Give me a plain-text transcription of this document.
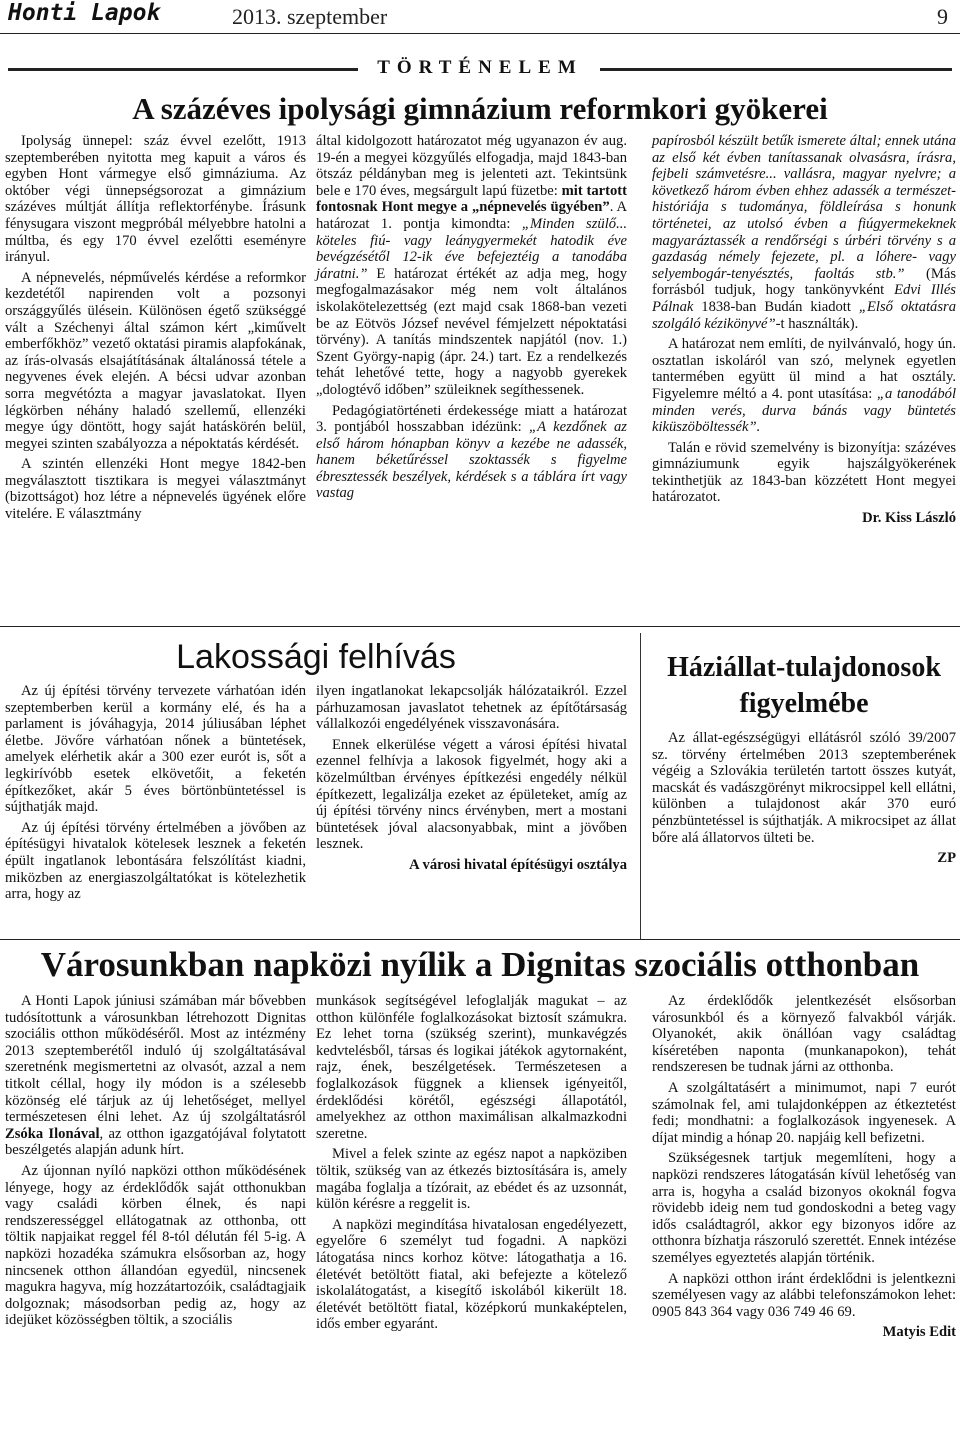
Honti Lapok	2013. szeptember	9
TÖRTÉNELEM
A százéves ipolysági gimnázium reformkori gyökerei

Ipolyság ünnepel: száz évvel ezelőtt, 1913 szeptemberében nyitotta meg kapuit a város és egyben Hont vármegye első gimnáziuma. Az október végi ünnepségsorozat a gimnázium százéves múltját állítja reflektorfénybe. Írásunk fénysugara viszont megpróbál mélyebbre hatolni a múltba, és egy 170 évvel ezelőtti eseményre irányul.

A népnevelés, népművelés kérdése a reformkor kezdetétől napirenden volt a pozsonyi országgyűlés ülésein. Különösen égető szükséggé vált a Széchenyi által számon kért „kiművelt emberfőkhöz” vezető oktatási piramis alapfokának, az írás-olvasás elsajátításának általánossá tétele a negyvenes évek elején. A bécsi udvar azonban sorra megvétózta a magyar javaslatokat. Ilyen légkörben néhány haladó szellemű, ellenzéki megye úgy döntött, hogy saját hatáskörén belül, megyei szinten szabályozza a népoktatás kérdését.

A szintén ellenzéki Hont megye 1842-ben megválasztott tisztikara is megyei választmányt (bizottságot) hoz létre a népnevelés ügyének előre vitelére. E választmány

által kidolgozott határozatot még ugyanazon év aug. 19-én a megyei közgyűlés elfogadja, majd 1843-ban ötszáz példányban meg is jelenteti azt. Tekintsünk bele e 170 éves, megsárgult lapú füzetbe: mit tartott fontosnak Hont megye a „népnevelés ügyében”. A határozat 1. pontja kimondta: „Minden szülő... köteles fiú- vagy leánygyermekét hatodik éve bevégzésétől 12-ik éve befejeztéig a tanodába járatni.” E határozat értékét az adja meg, hogy megfogalmazásakor még nem volt általános iskolakötelezettség (ezt majd csak 1868-ban vezeti be az Eötvös József nevével fémjelzett népoktatási törvény). A tanítás mindszentek napjától (nov. 1.) Szent György-napig (ápr. 24.) tart. Ez a rendelkezés tehát lehetővé tette, hogy a nagyobb gyerekek „dologtévő időben” szüleiknek segíthessenek.

Pedagógiatörténeti érdekessége miatt a határozat 3. pontjából hosszabban idézünk: „A kezdőnek az első három hónapban könyv a kezébe ne adassék, hanem béketűréssel szoktassék s figyelme ébresztessék beszélyek, kérdések s a táblára írt vagy vastag

papírosból készült betűk ismerete által; ennek utána az első két évben tanítassanak olvasásra, írásra, fejbeli számvetésre... vallásra, magyar nyelvre; a következő három évben ehhez adassék a természet-históriája s tudománya, földleírása s honunk történetei, az utolsó évben a fiúgyermekeknek magyaráztassék a rendőrségi s úrbéri törvény s a gazdaság némely fejezete, pl. a lóhere- vagy selyembogár-tenyésztés, faoltás stb.” (Más forrásból tudjuk, hogy tankönyvként Edvi Illés Pálnak 1838-ban Budán kiadott „Első oktatásra szolgáló kézikönyvé”-t használták).

A határozat nem említi, de nyilvánvaló, hogy ún. osztatlan iskoláról van szó, melynek egyetlen tantermében együtt ül mind a hat osztály. Figyelemre méltó a 4. pont utasítása: „a tanodából minden verés, durva bánás vagy büntetés kiküszöböltessék”.

Talán e rövid szemelvény is bizonyítja: százéves gimnáziumunk egyik hajszálgyökerének tekinthetjük az 1843-ban közzétett Hont megyei határozatot.

Dr. Kiss László
Lakossági felhívás

Az új építési törvény tervezete várhatóan idén szeptemberben kerül a kormány elé, és ha a parlament is jóváhagyja, 2014 júliusában léphet életbe. Jövőre várhatóan nőnek a büntetések, amelyek elérhetik akár a 300 ezer eurót is, sőt a legkirívóbb esetek elkövetőit, a feketén építkezőket, akár 5 éves börtönbüntetéssel is sújthatják majd.

Az új építési törvény értelmében a jövőben az építésügyi hivatalok kötelesek lesznek a feketén épült ingatlanok lebontására felszólítást kiadni, miközben az energiaszolgáltatókat is kötelezhetik arra, hogy az

ilyen ingatlanokat lekapcsolják hálózataikról. Ezzel párhuzamosan javaslatot tehetnek az építőtársaság vállalkozói engedélyének visszavonására.

Ennek elkerülése végett a városi építési hivatal ezennel felhívja a lakosok figyelmét, hogy aki a közelmúltban érvényes építkezési engedély nélkül építkezett, legalizálja ezeket az épületeket, amíg az új építési törvény nincs érvényben, mert a mostani büntetések jóval alacsonyabbak, mint a jövőben lesznek.

A városi hivatal építésügyi osztálya
Háziállat-tulajdonosok figyelmébe

Az állat-egészségügyi ellátásról szóló 39/2007 sz. törvény értelmében 2013 szeptemberének végéig a Szlovákia területén tartott összes kutyát, macskát és vadászgörényt mikrocsippel kell ellátni, különben a tulajdonost akár 370 euró pénzbüntetéssel is sújthatják. A mikrocsipet az állat bőre alá állatorvos ülteti be.

ZP
Városunkban napközi nyílik a Dignitas szociális otthonban

A Honti Lapok júniusi számában már bővebben tudósítottunk a városunkban létrehozott Dignitas szociális otthon működéséről. Most az intézmény 2013 szeptemberétől induló új szolgáltatásával szeretnénk megismertetni az olvasót, azzal a nem titkolt céllal, hogy ily módon is a szélesebb közönség elé tárjuk az új lehetőséget, mellyel természetesen élni lehet. Az új szolgáltatásról Zsóka Ilonával, az otthon igazgatójával folytatott beszélgetés alapján adunk hírt.

Az újonnan nyíló napközi otthon működésének lényege, hogy az érdeklődők saját otthonukban vagy családi körben élnek, és napi rendszerességgel ellátogatnak az otthonba, ott töltik napjaikat reggel fél 8-tól délután fél 5-ig. A napközi hozadéka számukra elsősorban az, hogy nincsenek otthon állandóan egyedül, nincsenek magukra hagyva, míg hozzátartozóik, családtagjaik dolgoznak; másodsorban pedig az, hogy az idejüket közösségben töltik, a szociális

munkások segítségével lefoglalják magukat – az otthon különféle foglalkozásokat biztosít számukra. Ez lehet torna (szükség szerint), munkavégzés kedvtelésből, társas és logikai játékok agytornaként, rajz, ének, beszélgetések. Természetesen a foglalkozások függnek a kliensek igényeitől, érdeklődési körétől, egészségi állapotától, amelyekhez az otthon maximálisan alkalmazkodni szeretne.

Mivel a felek szinte az egész napot a napköziben töltik, szükség van az étkezés biztosítására is, amely magába foglalja a tízórait, az ebédet és az uzsonnát, külön kérésre a reggelit is.

A napközi megindítása hivatalosan engedélyezett, egyelőre 6 személyt tud fogadni. A napközi látogatása nincs korhoz kötve: látogathatja a 16. életévét betöltött fiatal, aki befejezte a kötelező iskolalátogatást, a kisegítő iskolából kikerült 18. életévét betöltött fiatal, középkorú munkaképtelen, idős ember egyaránt.

Az érdeklődők jelentkezését elsősorban városunkból és a környező falvakból várják. Olyanokét, akik önállóan vagy családtag kíséretében naponta (munkanapokon), tehát rendszeresen be tudnak járni az otthonba.

A szolgáltatásért a minimumot, napi 7 eurót számolnak fel, ami tulajdonképpen az étkeztetést fedi; mondhatni: a foglalkozások ingyenesek. A díjat mindig a hónap 20. napjáig kell befizetni.

Szükségesnek tartjuk megemlíteni, hogy a napközi rendszeres látogatásán kívül lehetőség van arra is, hogyha a család bizonyos okoknál fogva rövidebb ideig nem tud gondoskodni a beteg vagy idős családtagról, akkor egy bizonyos időre az otthonra bízhatja rászoruló szerettét. Ennek intézése személyes egyeztetés alapján történik.

A napközi otthon iránt érdeklődni is jelentkezni személyesen vagy az alábbi telefonszámokon lehet: 0905 843 364 vagy 036 749 46 69.

Matyis Edit
